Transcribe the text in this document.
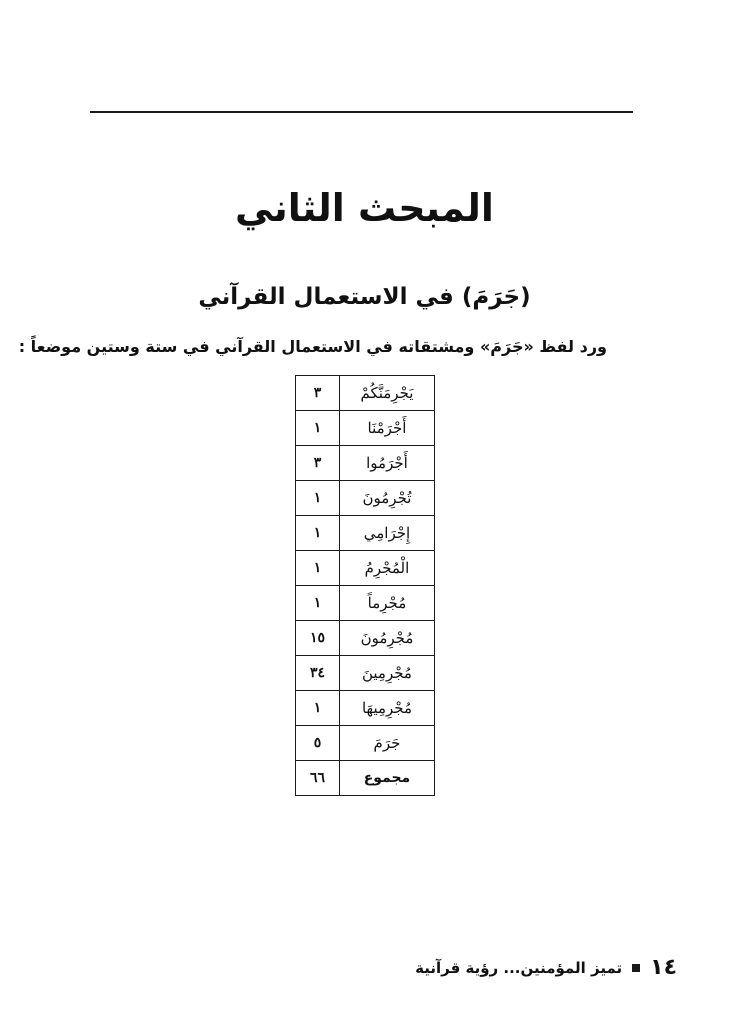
المبحث الثاني
(جَرَمَ) في الاستعمال القرآني

ورد لفظ «جَرَمَ» ومشتقاته في الاستعمال القرآني في ستة وستين موضعاً :

يَجْرِمَنَّكُمْ	٣
أَجْرَمْنَا	١
أَجْرَمُوا	٣
تُجْرِمُونَ	١
إِجْرَامِي	١
الْمُجْرِمُ	١
مُجْرِماً	١
مُجْرِمُونَ	١٥
مُجْرِمِينَ	٣٤
مُجْرِمِيهَا	١
جَرَمَ	٥
مجموع	٦٦
١٤
تميز المؤمنين... رؤية قرآنية
